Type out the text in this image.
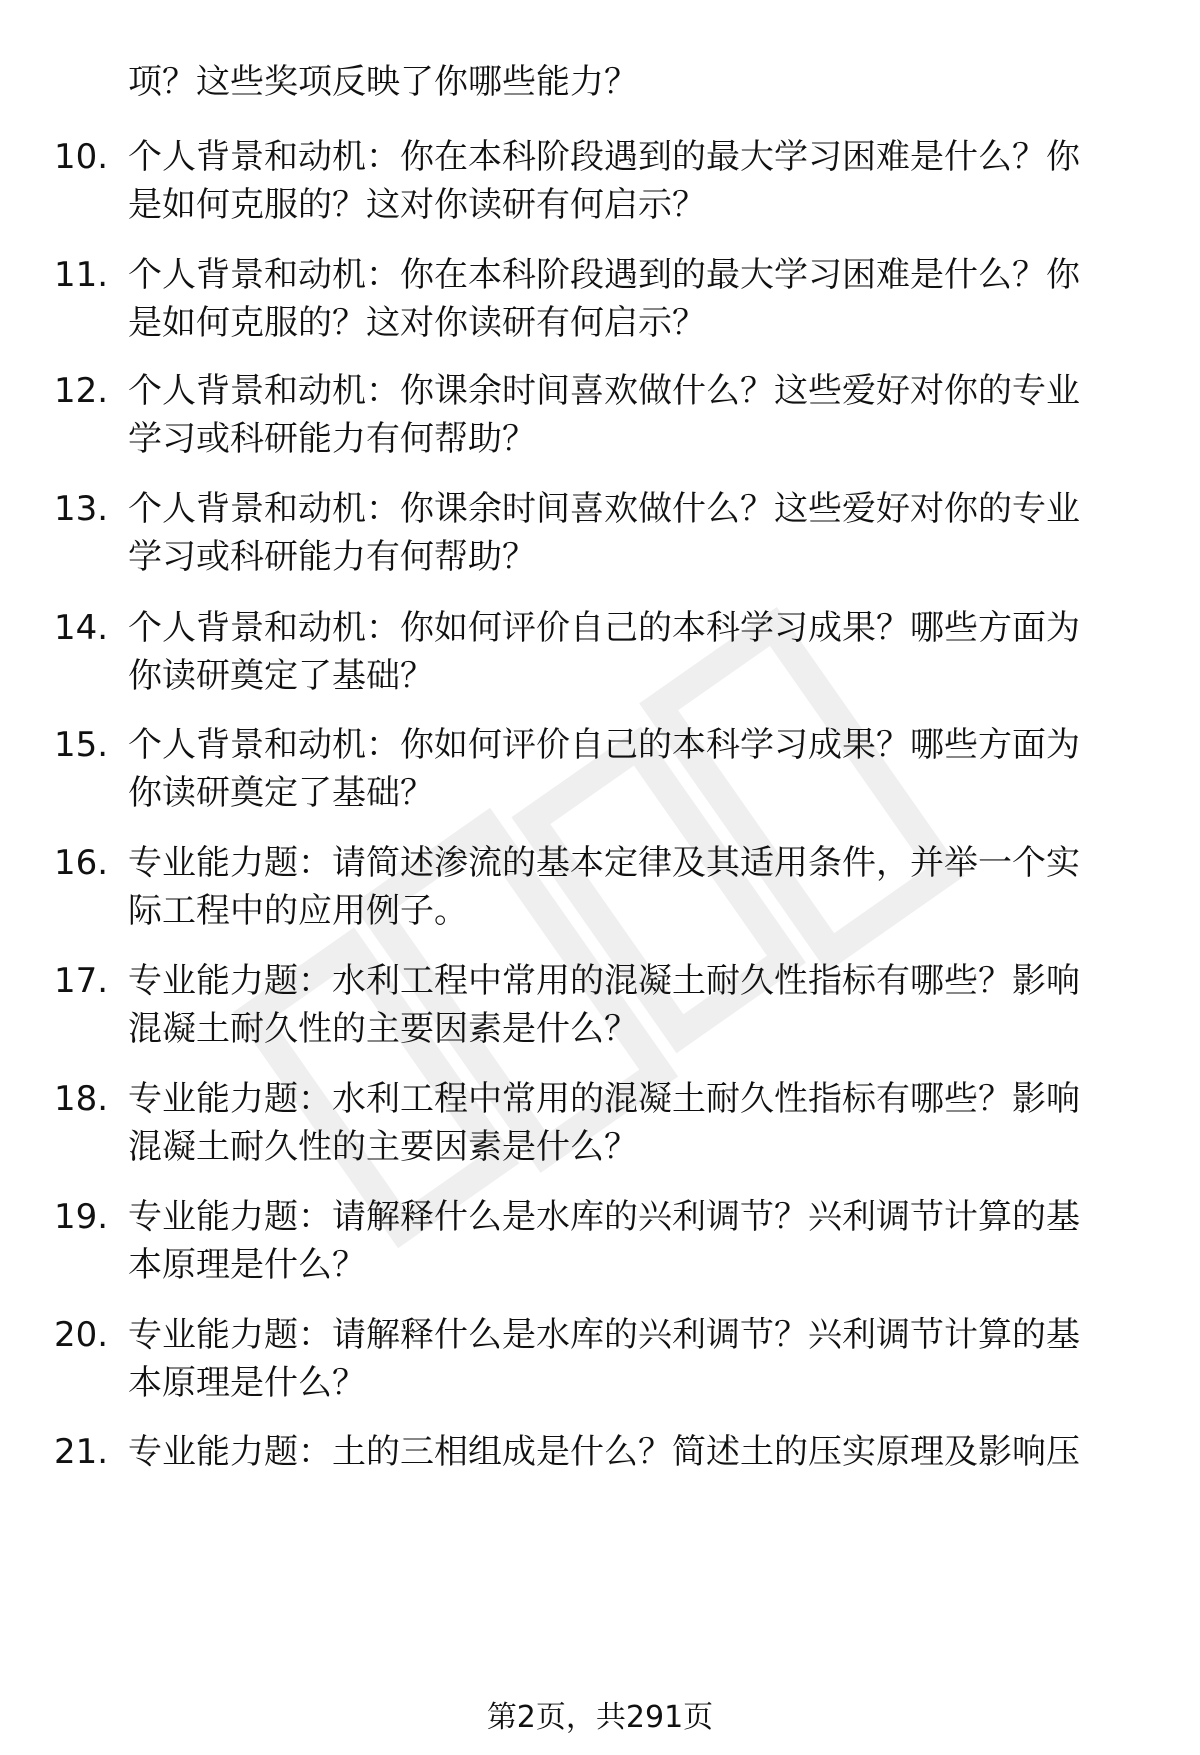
项？这些奖项反映了你哪些能力？
10. 个人背景和动机：你在本科阶段遇到的最大学习困难是什么？你
是如何克服的？这对你读研有何启示？
11. 个人背景和动机：你在本科阶段遇到的最大学习困难是什么？你
是如何克服的？这对你读研有何启示？
12. 个人背景和动机：你课余时间喜欢做什么？这些爱好对你的专业
学习或科研能力有何帮助？
13. 个人背景和动机：你课余时间喜欢做什么？这些爱好对你的专业
学习或科研能力有何帮助？
14. 个人背景和动机：你如何评价自己的本科学习成果？哪些方面为
你读研奠定了基础？
15. 个人背景和动机：你如何评价自己的本科学习成果？哪些方面为
你读研奠定了基础？
16. 专业能力题：请简述渗流的基本定律及其适用条件，并举一个实
际工程中的应用例子。
17. 专业能力题：水利工程中常用的混凝土耐久性指标有哪些？影响
混凝土耐久性的主要因素是什么？
18. 专业能力题：水利工程中常用的混凝土耐久性指标有哪些？影响
混凝土耐久性的主要因素是什么？
19. 专业能力题：请解释什么是水库的兴利调节？兴利调节计算的基
本原理是什么？
20. 专业能力题：请解释什么是水库的兴利调节？兴利调节计算的基
本原理是什么？
21. 专业能力题：土的三相组成是什么？简述土的压实原理及影响压
第2页，共291页
